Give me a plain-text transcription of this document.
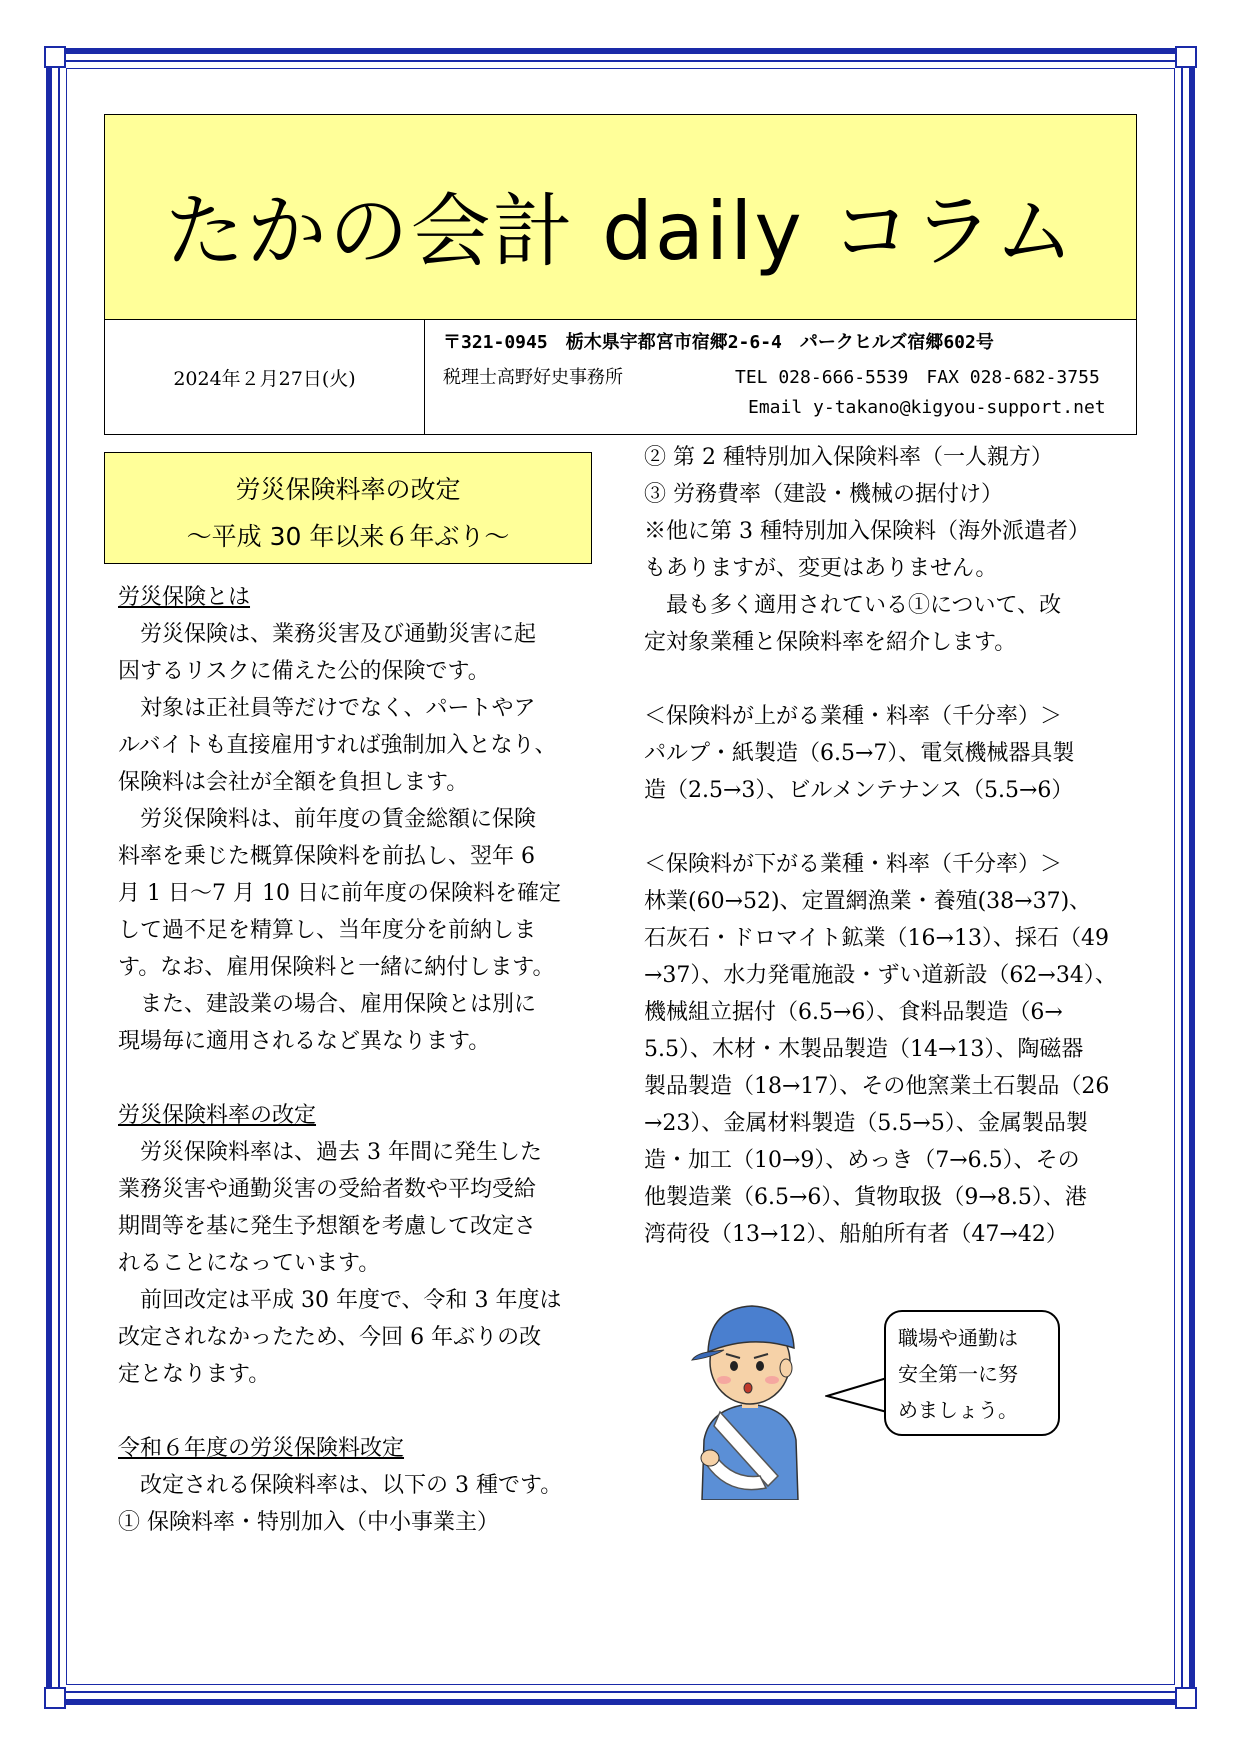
たかの会計 daily コラム
2024年２月27日(火)
〒321-0945　栃木県宇都宮市宿郷2-6-4　パークヒルズ宿郷602号
税理士高野好史事務所	TEL 028-666-5539　FAX 028-682-3755
Email y-takano@kigyou-support.net
労災保険料率の改定
～平成 30 年以来６年ぶり～

労災保険とは

　労災保険は、業務災害及び通勤災害に起

因するリスクに備えた公的保険です。

　対象は正社員等だけでなく、パートやア

ルバイトも直接雇用すれば強制加入となり、

保険料は会社が全額を負担します。

　労災保険料は、前年度の賃金総額に保険

料率を乗じた概算保険料を前払し、翌年 6

月 1 日～7 月 10 日に前年度の保険料を確定

して過不足を精算し、当年度分を前納しま

す。なお、雇用保険料と一緒に納付します。

　また、建設業の場合、雇用保険とは別に

現場毎に適用されるなど異なります。

労災保険料率の改定

　労災保険料率は、過去 3 年間に発生した

業務災害や通勤災害の受給者数や平均受給

期間等を基に発生予想額を考慮して改定さ

れることになっています。

　前回改定は平成 30 年度で、令和 3 年度は

改定されなかったため、今回 6 年ぶりの改

定となります。

令和６年度の労災保険料改定

　改定される保険料率は、以下の 3 種です。

① 保険料率・特別加入（中小事業主）

② 第 2 種特別加入保険料率（一人親方）

③ 労務費率（建設・機械の据付け）

※他に第 3 種特別加入保険料（海外派遣者）

もありますが、変更はありません。

　最も多く適用されている①について、改

定対象業種と保険料率を紹介します。

＜保険料が上がる業種・料率（千分率）＞

パルプ・紙製造（6.5→7）、電気機械器具製

造（2.5→3）、ビルメンテナンス（5.5→6）

＜保険料が下がる業種・料率（千分率）＞

林業(60→52)、定置網漁業・養殖(38→37)、

石灰石・ドロマイト鉱業（16→13）、採石（49

→37）、水力発電施設・ずい道新設（62→34）、

機械組立据付（6.5→6）、食料品製造（6→

5.5）、木材・木製品製造（14→13）、陶磁器

製品製造（18→17）、その他窯業土石製品（26

→23）、金属材料製造（5.5→5）、金属製品製

造・加工（10→9）、めっき（7→6.5）、その

他製造業（6.5→6）、貨物取扱（9→8.5）、港

湾荷役（13→12）、船舶所有者（47→42）

職場や通勤は

安全第一に努

めましょう。
